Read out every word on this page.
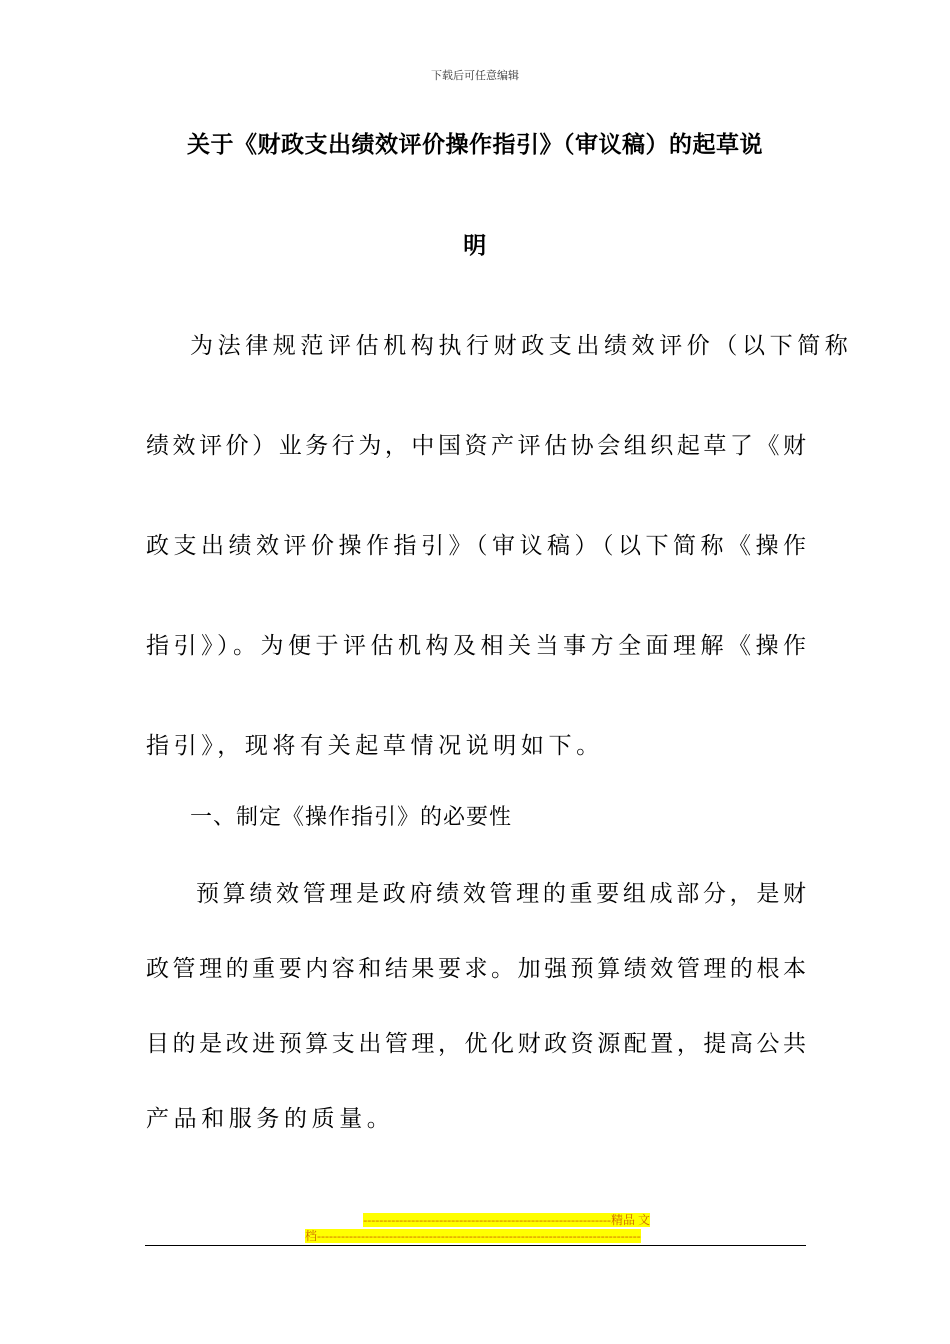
下载后可任意编辑
关于《财政支出绩效评价操作指引》（审议稿）的起草说
明
为法律规范评估机构执行财政支出绩效评价（以下简称
绩效评价）业务行为，中国资产评估协会组织起草了《财
政支出绩效评价操作指引》（审议稿）（以下简称《操作
指引》）。为便于评估机构及相关当事方全面理解《操作
指引》，现将有关起草情况说明如下。
一、制定《操作指引》的必要性
预算绩效管理是政府绩效管理的重要组成部分，是财
政管理的重要内容和结果要求。加强预算绩效管理的根本
目的是改进预算支出管理，优化财政资源配置，提高公共
产品和服务的质量。
--------------------------------------------------------------精品 文
档---------------------------------------------------------------------------------
